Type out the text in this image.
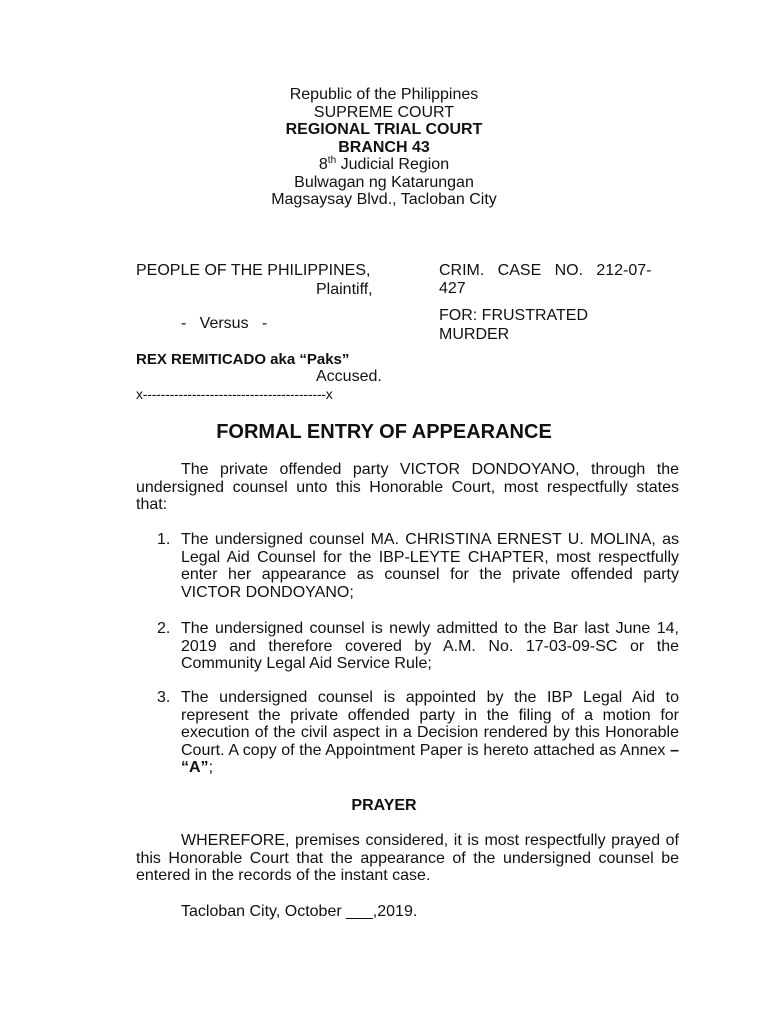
Republic of the Philippines
SUPREME COURT
REGIONAL TRIAL COURT
BRANCH 43
8th Judicial Region
Bulwagan ng Katarungan
Magsaysay Blvd., Tacloban City
PEOPLE OF THE PHILIPPINES,
Plaintiff,
-   Versus   -
REX REMITICADO aka “Paks”
Accused.
x-----------------------------------------x
CRIM.   CASE   NO.   212-07-
427
FOR: FRUSTRATED
MURDER
FORMAL ENTRY OF APPEARANCE
The private offended party VICTOR DONDOYANO, through the undersigned counsel unto this Honorable Court, most respectfully states that:
1. The undersigned counsel MA. CHRISTINA ERNEST U. MOLINA, as Legal Aid Counsel for the IBP-LEYTE CHAPTER, most respectfully enter her appearance as counsel for the private offended party VICTOR DONDOYANO;
2. The undersigned counsel is newly admitted to the Bar last June 14, 2019 and therefore covered by A.M. No. 17-03-09-SC or the Community Legal Aid Service Rule;
3. The undersigned counsel is appointed by the IBP Legal Aid to represent the private offended party in the filing of a motion for execution of the civil aspect in a Decision rendered by this Honorable Court. A copy of the Appointment Paper is hereto attached as Annex – “A”;
PRAYER
WHEREFORE, premises considered, it is most respectfully prayed of this Honorable Court that the appearance of the undersigned counsel be entered in the records of the instant case.
Tacloban City, October ___,2019.
